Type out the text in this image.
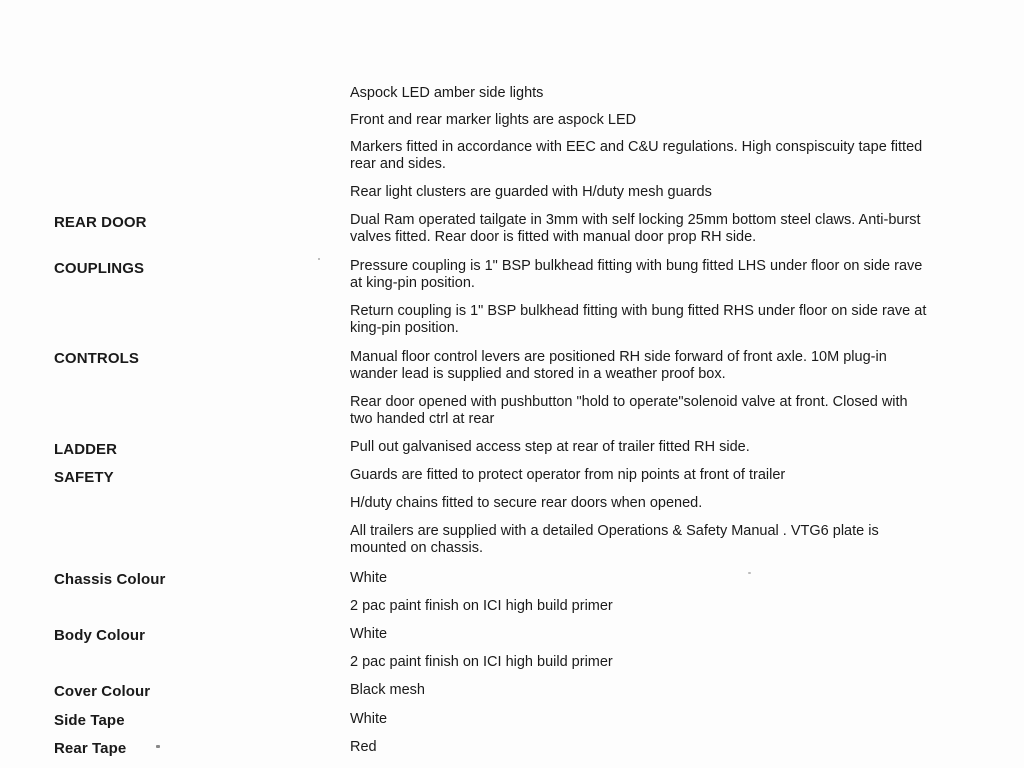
Aspock LED amber side lights
Front and rear marker lights are aspock LED
Markers fitted in accordance with EEC and C&U regulations. High conspiscuity tape fitted rear and sides.
Rear light clusters are guarded with H/duty mesh guards
REAR DOOR	Dual Ram operated tailgate in 3mm with self locking 25mm bottom steel claws. Anti-burst valves fitted. Rear door is fitted with manual door prop RH side.
COUPLINGS	Pressure coupling is 1" BSP bulkhead fitting with bung fitted LHS under floor on side rave at king-pin position.
Return coupling is 1" BSP bulkhead fitting with bung fitted RHS under floor on side rave at king-pin position.
CONTROLS	Manual floor control levers are positioned RH side forward of front axle. 10M plug-in wander lead is supplied and stored in a weather proof box.
Rear door opened with pushbutton "hold to operate"solenoid valve at front. Closed with two handed ctrl at rear
LADDER	Pull out galvanised access step at rear of trailer fitted RH side.
SAFETY	Guards are fitted to protect operator from nip points at front of trailer
H/duty chains fitted to secure rear doors when opened.
All trailers are supplied with a detailed Operations & Safety Manual . VTG6 plate is mounted on chassis.
Chassis Colour	White
2 pac paint finish on ICI high build primer
Body Colour	White
2 pac paint finish on ICI high build primer
Cover Colour	Black mesh
Side Tape	White
Rear Tape	Red
